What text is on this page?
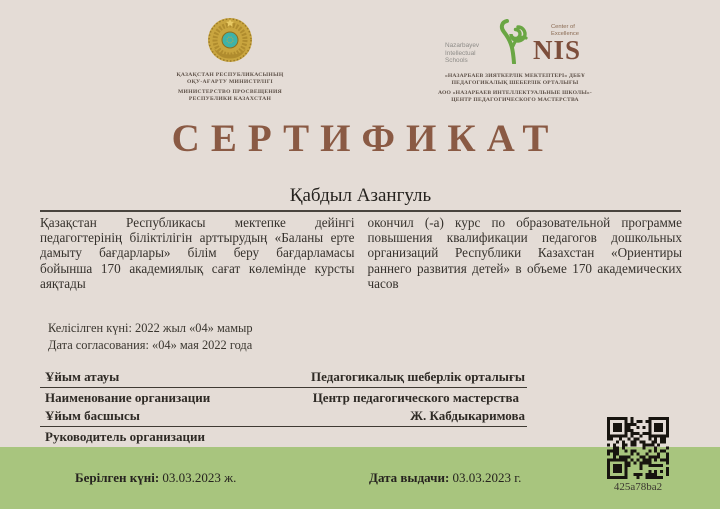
ҚАЗАҚСТАН РЕСПУБЛИКАСЫНЫҢ
ОҚУ-АҒАРТУ МИНИСТРЛІГІ
МИНИСТЕРСТВО ПРОСВЕЩЕНИЯ
РЕСПУБЛИКИ КАЗАХСТАН
Nazarbayev Intellectual Schools
Center of Excellence
NIS
«НАЗАРБАЕВ ЗИЯТКЕРЛІК МЕКТЕПТЕРІ» ДББҰ
ПЕДАГОГИКАЛЫҚ ШЕБЕРЛІК ОРТАЛЫҒЫ
АОО «НАЗАРБАЕВ ИНТЕЛЛЕКТУАЛЬНЫЕ ШКОЛЫ»-
ЦЕНТР ПЕДАГОГИЧЕСКОГО МАСТЕРСТВА
СЕРТИФИКАТ
Қабдыл Азангуль
Қазақстан Республикасы мектепке дейінгі педагогтерінің біліктілігін арттырудың «Баланы ерте дамыту бағдарлары» білім беру бағдарламасы бойынша 170 академиялық сағат көлемінде курсты аяқтады
окончил (-а) курс по образовательной программе повышения квалификации педагогов дошкольных организаций Республики Казахстан «Ориентиры раннего развития детей» в объеме 170 академических часов
Келісілген күні: 2022 жыл «04» мамыр
Дата согласования: «04» мая 2022 года
Ұйым атауы	Педагогикалық шеберлік орталығы
Наименование организации	Центр педагогического мастерства
Ұйым басшысы	Ж. Кабдыкаримова
Руководитель организации
425a78ba2
Берілген күні: 03.03.2023 ж.	Дата выдачи: 03.03.2023 г.
